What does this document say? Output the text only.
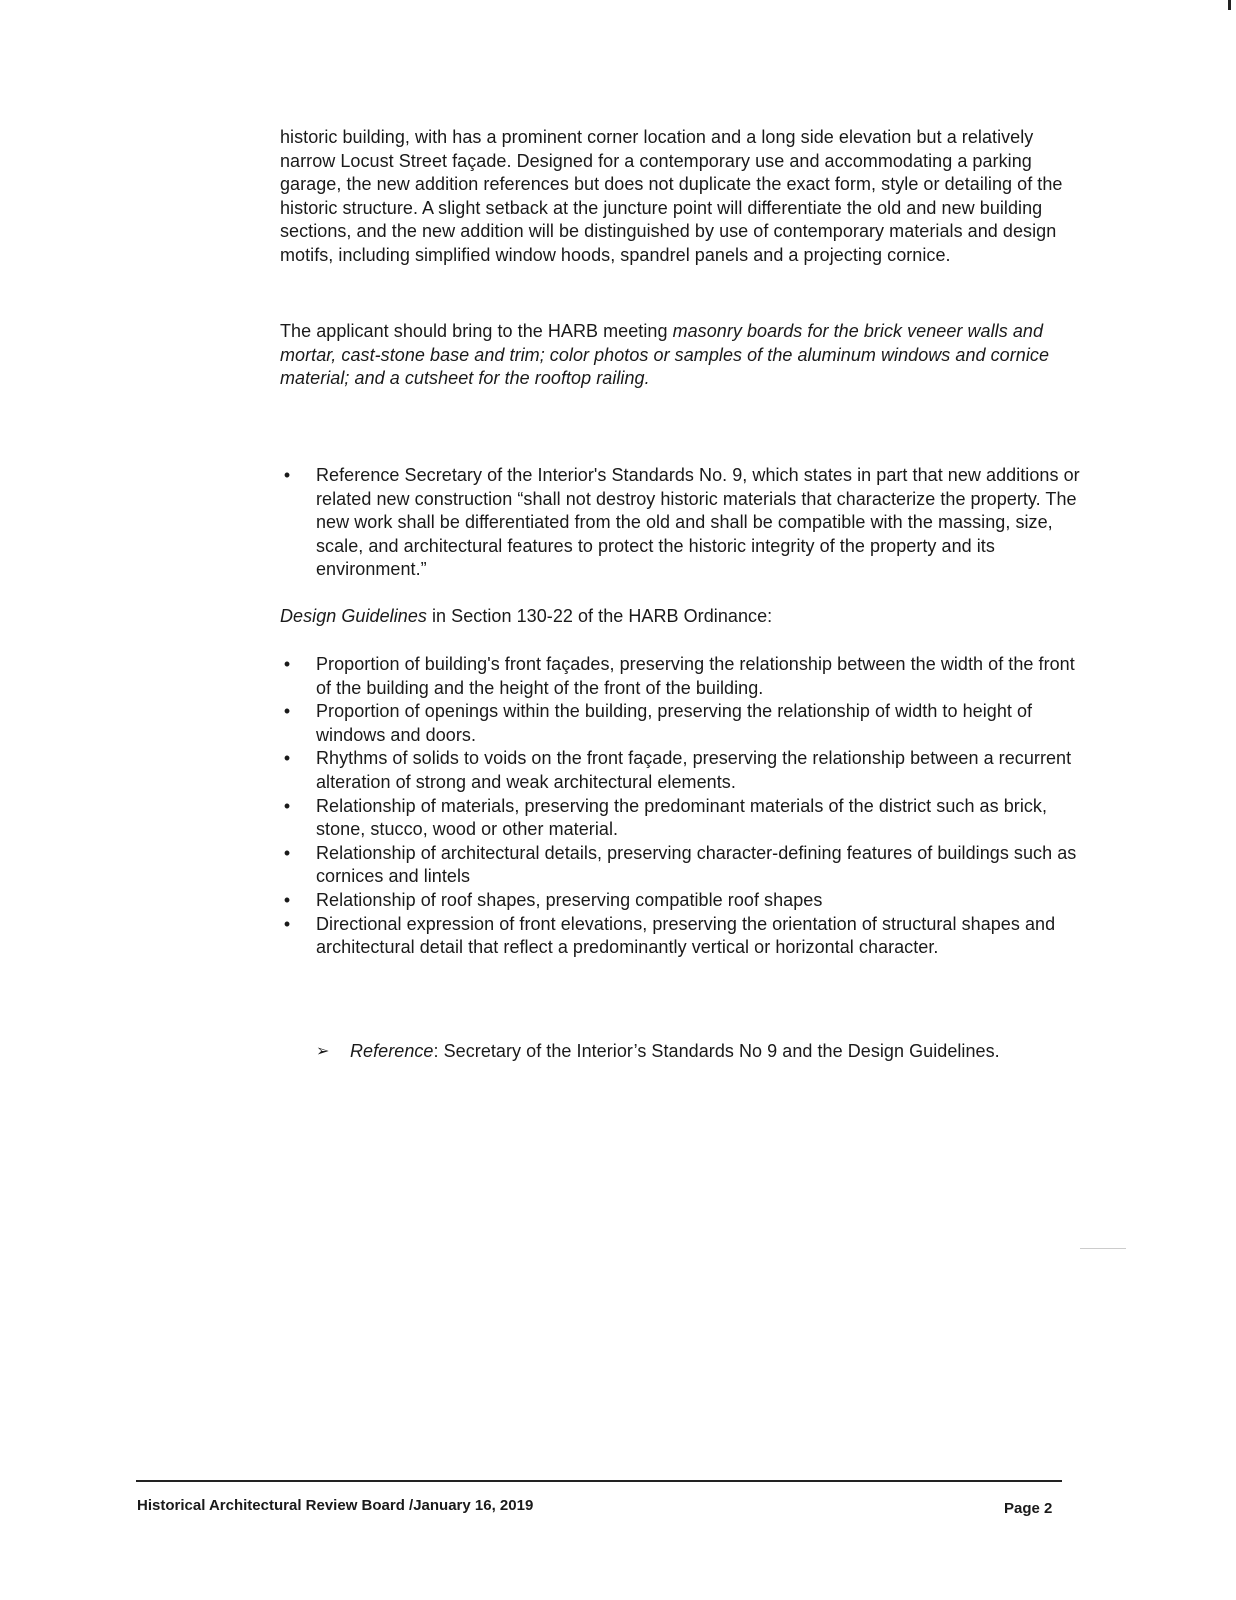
historic building, with has a prominent corner location and a long side elevation but a relatively narrow Locust Street façade. Designed for a contemporary use and accommodating a parking garage, the new addition references but does not duplicate the exact form, style or detailing of the historic structure. A slight setback at the juncture point will differentiate the old and new building sections, and the new addition will be distinguished by use of contemporary materials and design motifs, including simplified window hoods, spandrel panels and a projecting cornice.
The applicant should bring to the HARB meeting masonry boards for the brick veneer walls and mortar, cast-stone base and trim; color photos or samples of the aluminum windows and cornice material; and a cutsheet for the rooftop railing.
• Reference Secretary of the Interior's Standards No. 9, which states in part that new additions or related new construction “shall not destroy historic materials that characterize the property. The new work shall be differentiated from the old and shall be compatible with the massing, size, scale, and architectural features to protect the historic integrity of the property and its environment.”
Design Guidelines in Section 130-22 of the HARB Ordinance:
• Proportion of building's front façades, preserving the relationship between the width of the front of the building and the height of the front of the building.
• Proportion of openings within the building, preserving the relationship of width to height of windows and doors.
• Rhythms of solids to voids on the front façade, preserving the relationship between a recurrent alteration of strong and weak architectural elements.
• Relationship of materials, preserving the predominant materials of the district such as brick, stone, stucco, wood or other material.
• Relationship of architectural details, preserving character-defining features of buildings such as cornices and lintels
• Relationship of roof shapes, preserving compatible roof shapes
• Directional expression of front elevations, preserving the orientation of structural shapes and architectural detail that reflect a predominantly vertical or horizontal character.
➢ Reference: Secretary of the Interior’s Standards No 9 and the Design Guidelines.
Historical Architectural Review Board /January 16, 2019	Page 2
